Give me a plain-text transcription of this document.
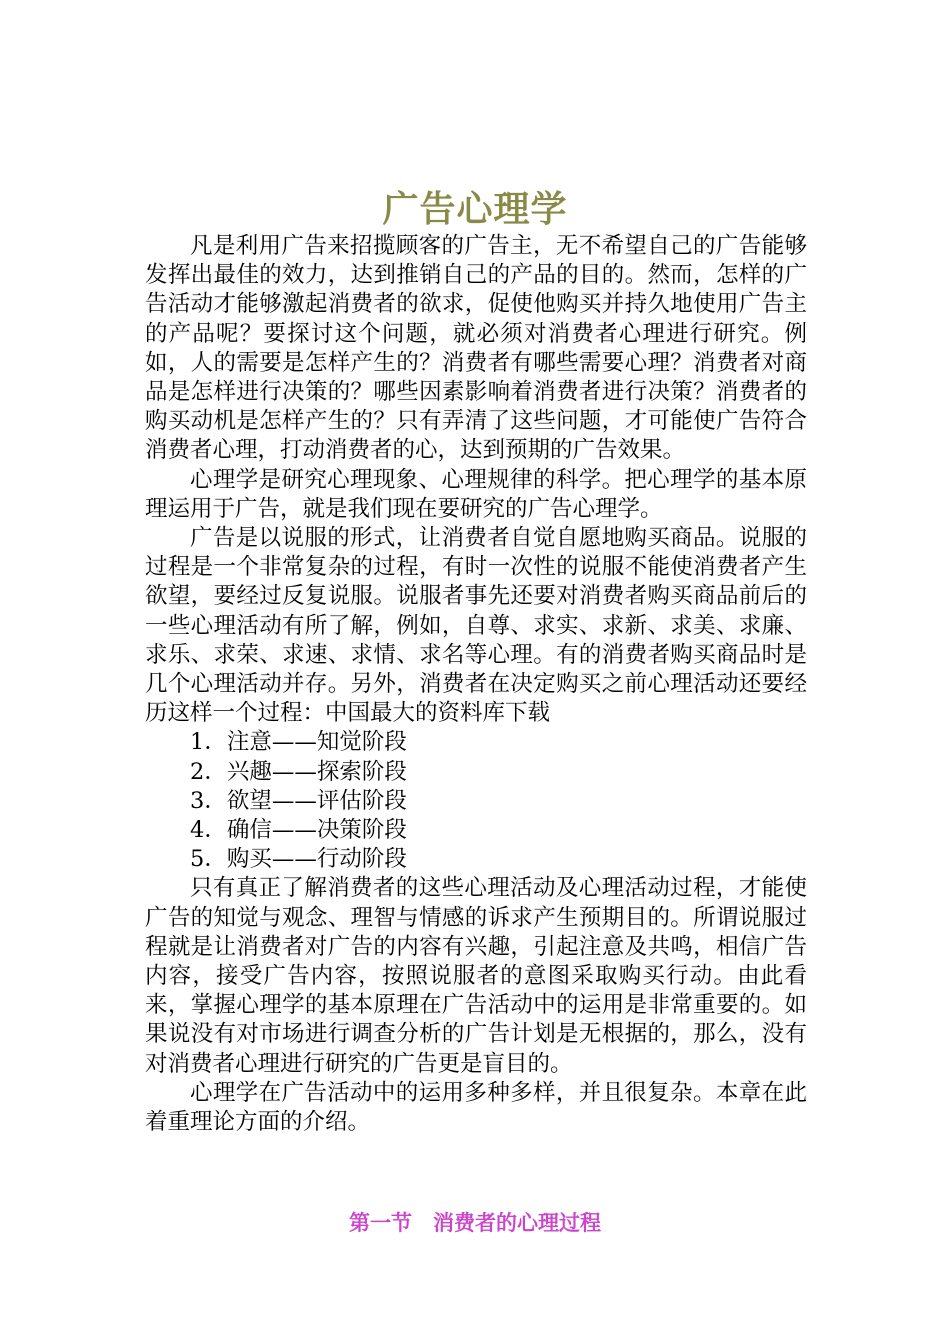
广告心理学

凡是利用广告来招揽顾客的广告主，无不希望自己的广告能够发挥出最佳的效力，达到推销自己的产品的目的。然而，怎样的广告活动才能够激起消费者的欲求，促使他购买并持久地使用广告主的产品呢？要探讨这个问题，就必须对消费者心理进行研究。例如，人的需要是怎样产生的？消费者有哪些需要心理？消费者对商品是怎样进行决策的？哪些因素影响着消费者进行决策？消费者的购买动机是怎样产生的？只有弄清了这些问题，才可能使广告符合消费者心理，打动消费者的心，达到预期的广告效果。

心理学是研究心理现象、心理规律的科学。把心理学的基本原理运用于广告，就是我们现在要研究的广告心理学。

广告是以说服的形式，让消费者自觉自愿地购买商品。说服的过程是一个非常复杂的过程，有时一次性的说服不能使消费者产生欲望，要经过反复说服。说服者事先还要对消费者购买商品前后的一些心理活动有所了解，例如，自尊、求实、求新、求美、求廉、求乐、求荣、求速、求情、求名等心理。有的消费者购买商品时是几个心理活动并存。另外，消费者在决定购买之前心理活动还要经历这样一个过程：中国最大的资料库下载

1．注意——知觉阶段

2．兴趣——探索阶段

3．欲望——评估阶段

4．确信——决策阶段

5．购买——行动阶段

只有真正了解消费者的这些心理活动及心理活动过程，才能使广告的知觉与观念、理智与情感的诉求产生预期目的。所谓说服过程就是让消费者对广告的内容有兴趣，引起注意及共鸣，相信广告内容，接受广告内容，按照说服者的意图采取购买行动。由此看来，掌握心理学的基本原理在广告活动中的运用是非常重要的。如果说没有对市场进行调查分析的广告计划是无根据的，那么，没有对消费者心理进行研究的广告更是盲目的。

心理学在广告活动中的运用多种多样，并且很复杂。本章在此着重理论方面的介绍。

第一节　消费者的心理过程
